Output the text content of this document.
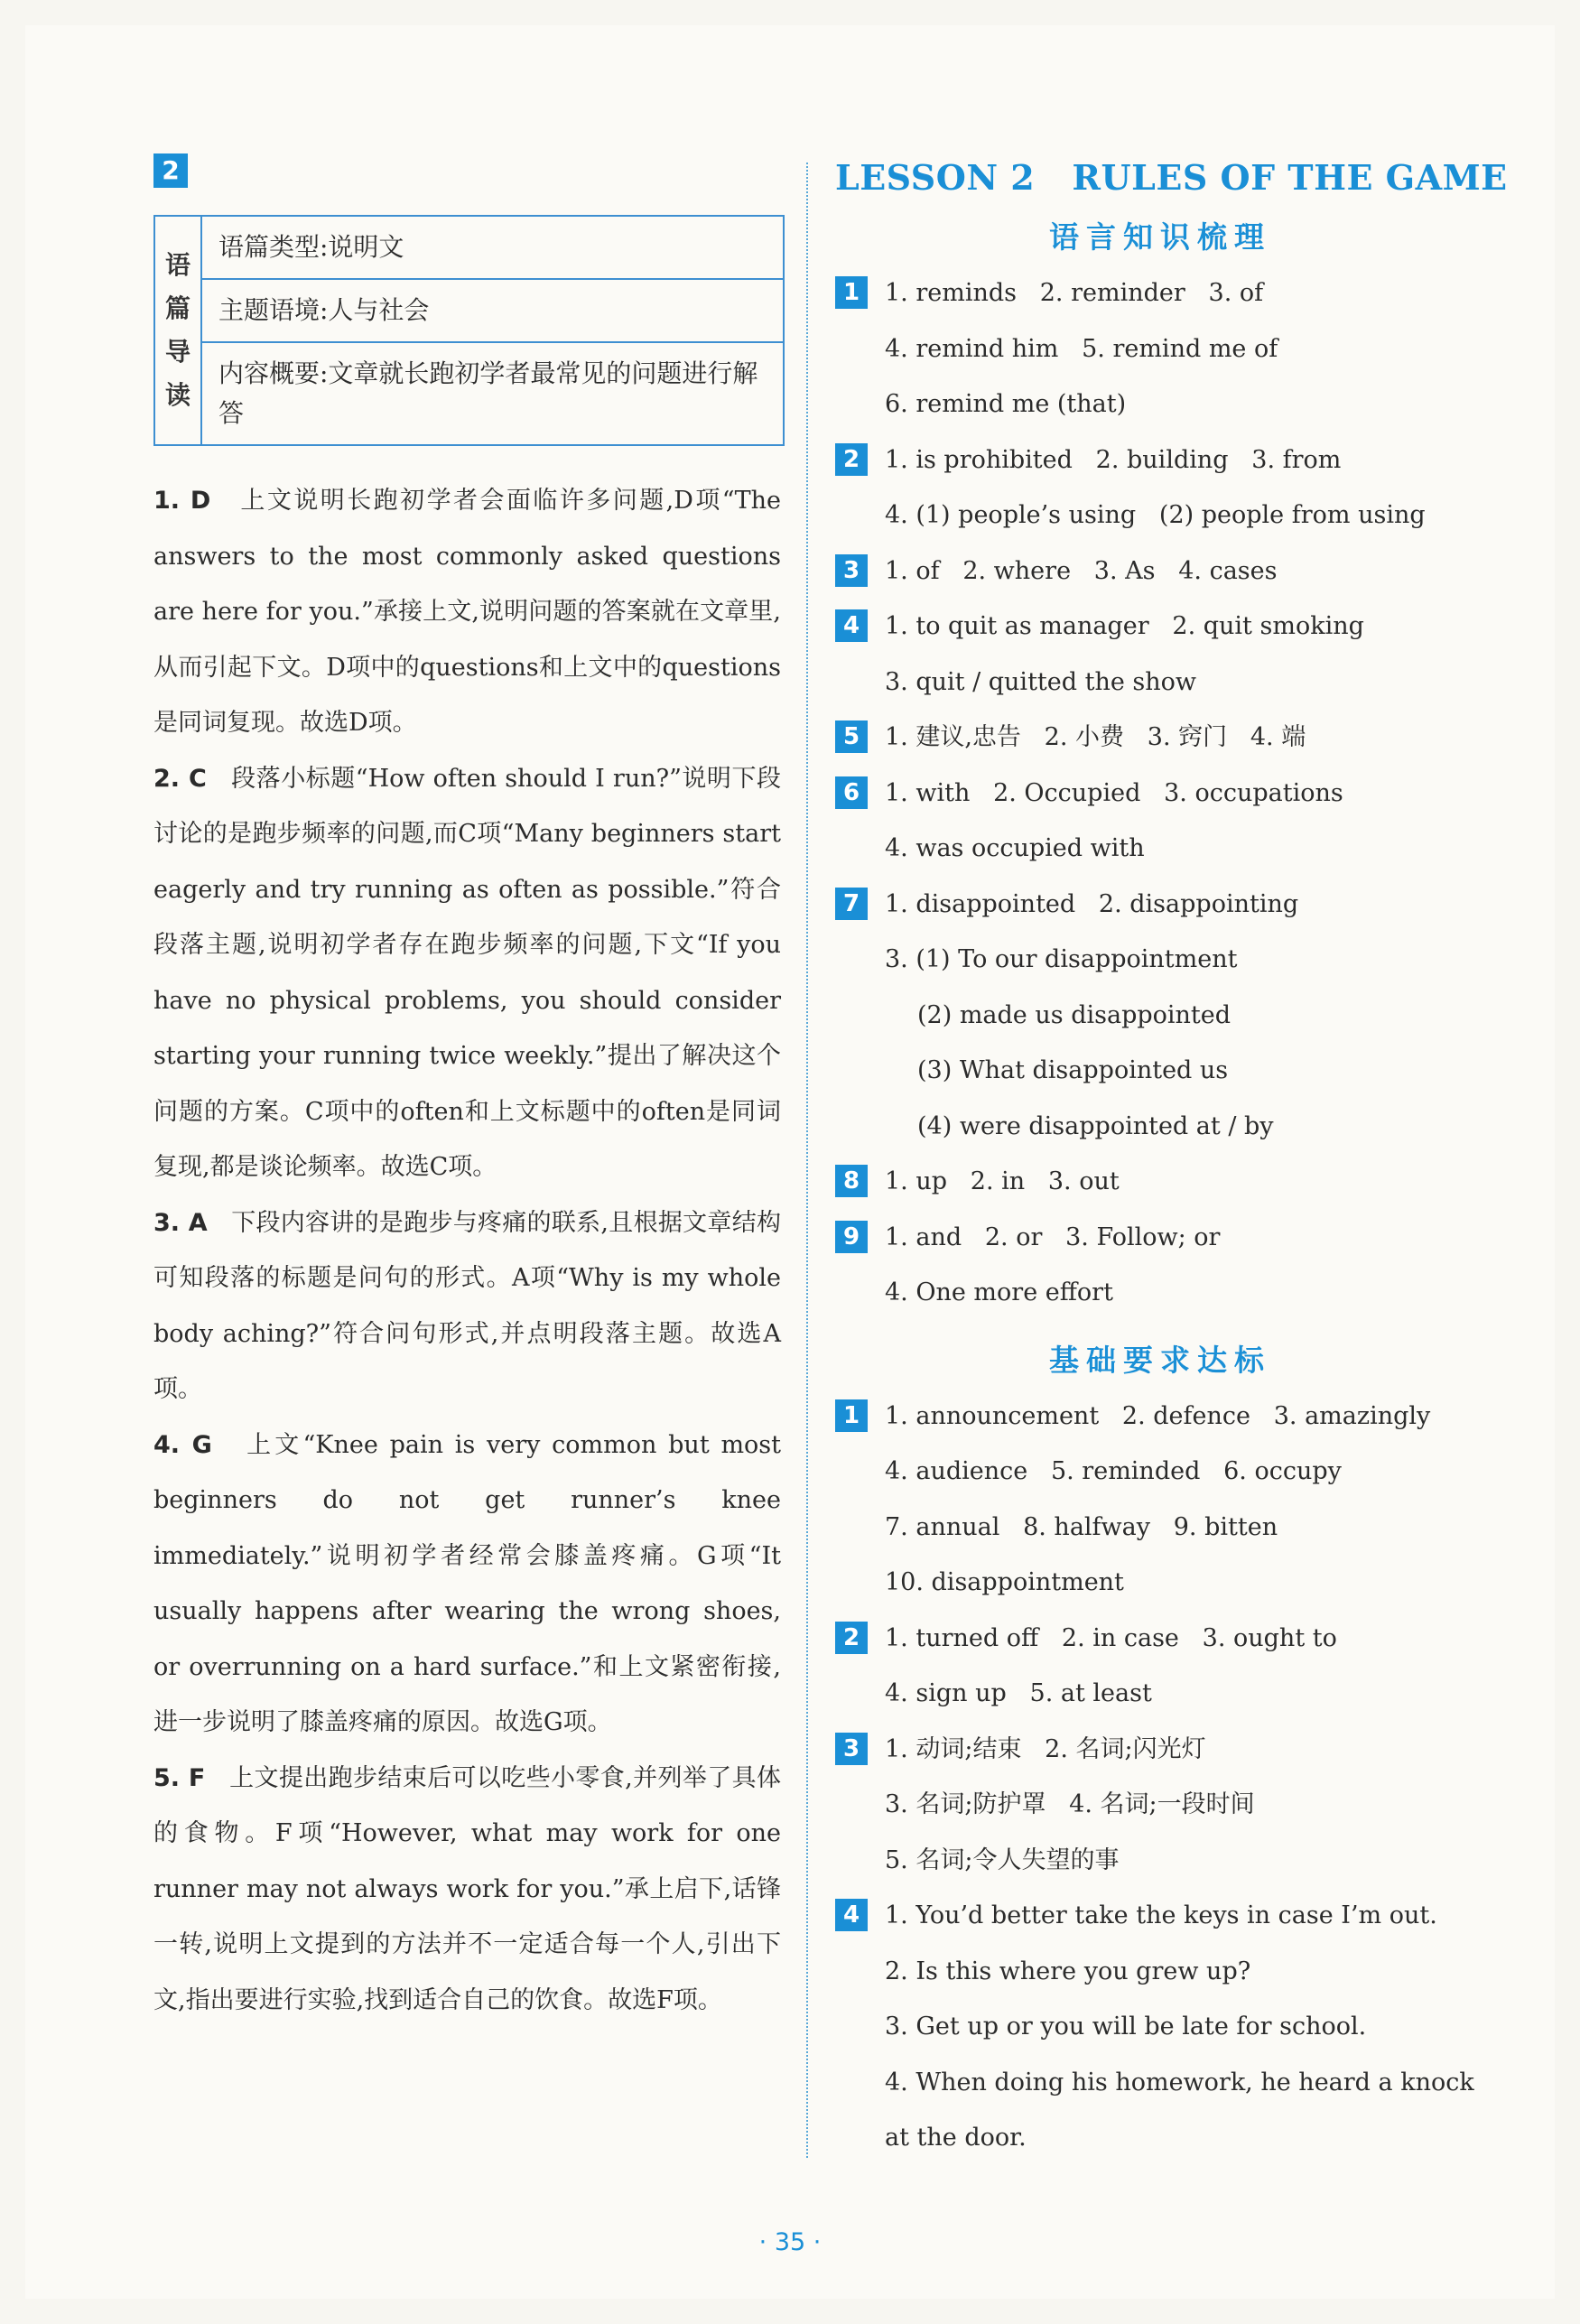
2
语
篇
导
读
语篇类型:说明文
主题语境:人与社会
内容概要:文章就长跑初学者最常见的问题进行解答
1. D 上文说明长跑初学者会面临许多问题,D项“The answers to the most commonly asked questions are here for you.”承接上文,说明问题的答案就在文章里,从而引起下文。D项中的questions和上文中的questions是同词复现。故选D项。
2. C 段落小标题“How often should I run?”说明下段讨论的是跑步频率的问题,而C项“Many beginners start eagerly and try running as often as possible.”符合段落主题,说明初学者存在跑步频率的问题,下文“If you have no physical problems, you should consider starting your running twice weekly.”提出了解决这个问题的方案。C项中的often和上文标题中的often是同词复现,都是谈论频率。故选C项。
3. A 下段内容讲的是跑步与疼痛的联系,且根据文章结构可知段落的标题是问句的形式。A项“Why is my whole body aching?”符合问句形式,并点明段落主题。故选A项。
4. G 上文“Knee pain is very common but most beginners do not get runner’s knee immediately.”说明初学者经常会膝盖疼痛。G项“It usually happens after wearing the wrong shoes, or overrunning on a hard surface.”和上文紧密衔接,进一步说明了膝盖疼痛的原因。故选G项。
5. F 上文提出跑步结束后可以吃些小零食,并列举了具体的食物。F项“However, what may work for one runner may not always work for you.”承上启下,话锋一转,说明上文提到的方法并不一定适合每一个人,引出下文,指出要进行实验,找到适合自己的饮食。故选F项。
LESSON 2   RULES OF THE GAME
语言知识梳理
1	1. reminds   2. reminder   3. of
4. remind him   5. remind me of
6. remind me (that)
2	1. is prohibited   2. building   3. from
4. (1) people’s using   (2) people from using
3	1. of   2. where   3. As   4. cases
4	1. to quit as manager   2. quit smoking
3. quit / quitted the show
5	1. 建议,忠告   2. 小费   3. 窍门   4. 端
6	1. with   2. Occupied   3. occupations
4. was occupied with
7	1. disappointed   2. disappointing
3. (1) To our disappointment
(2) made us disappointed
(3) What disappointed us
(4) were disappointed at / by
8	1. up   2. in   3. out
9	1. and   2. or   3. Follow; or
4. One more effort
基础要求达标
1	1. announcement   2. defence   3. amazingly
4. audience   5. reminded   6. occupy
7. annual   8. halfway   9. bitten
10. disappointment
2	1. turned off   2. in case   3. ought to
4. sign up   5. at least
3	1. 动词;结束   2. 名词;闪光灯
3. 名词;防护罩   4. 名词;一段时间
5. 名词;令人失望的事
4	1. You’d better take the keys in case I’m out.
2. Is this where you grew up?
3. Get up or you will be late for school.
4. When doing his homework, he heard a knock
at the door.
· 35 ·
